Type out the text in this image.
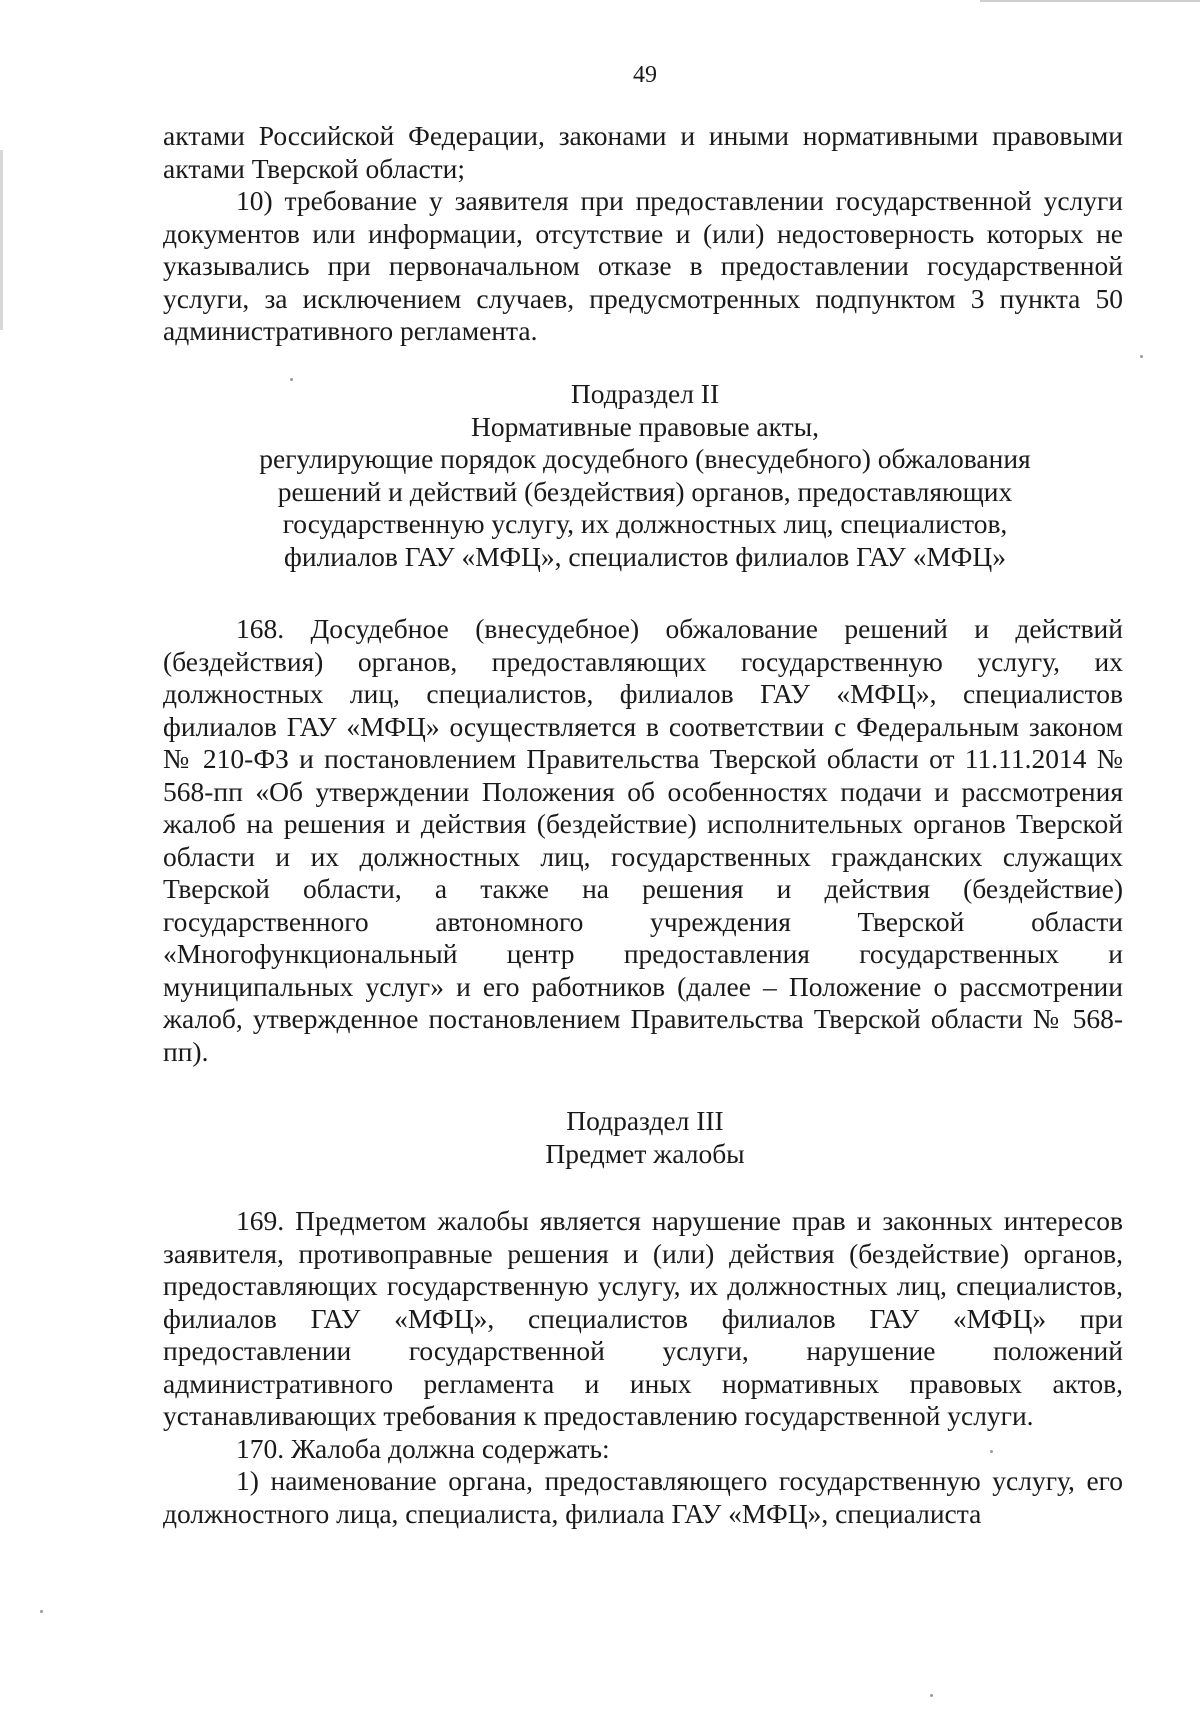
49

актами Российской Федерации, законами и иными нормативными правовыми актами Тверской области;

10) требование у заявителя при предоставлении государственной услуги документов или информации, отсутствие и (или) недостоверность которых не указывались при первоначальном отказе в предоставлении государственной услуги, за исключением случаев, предусмотренных подпунктом 3 пункта 50 административного регламента.

Подраздел II
Нормативные правовые акты,
регулирующие порядок досудебного (внесудебного) обжалования
решений и действий (бездействия) органов, предоставляющих
государственную услугу, их должностных лиц, специалистов,
филиалов ГАУ «МФЦ», специалистов филиалов ГАУ «МФЦ»

168. Досудебное (внесудебное) обжалование решений и действий (бездействия) органов, предоставляющих государственную услугу, их должностных лиц, специалистов, филиалов ГАУ «МФЦ», специалистов филиалов ГАУ «МФЦ» осуществляется в соответствии с Федеральным законом № 210-ФЗ и постановлением Правительства Тверской области от 11.11.2014 № 568-пп «Об утверждении Положения об особенностях подачи и рассмотрения жалоб на решения и действия (бездействие) исполнительных органов Тверской области и их должностных лиц, государственных гражданских служащих Тверской области, а также на решения и действия (бездействие) государственного автономного учреждения Тверской области «Многофункциональный центр предоставления государственных и муниципальных услуг» и его работников (далее – Положение о рассмотрении жалоб, утвержденное постановлением Правительства Тверской области № 568-пп).

Подраздел III
Предмет жалобы

169. Предметом жалобы является нарушение прав и законных интересов заявителя, противоправные решения и (или) действия (бездействие) органов, предоставляющих государственную услугу, их должностных лиц, специалистов, филиалов ГАУ «МФЦ», специалистов филиалов ГАУ «МФЦ» при предоставлении государственной услуги, нарушение положений административного регламента и иных нормативных правовых актов, устанавливающих требования к предоставлению государственной услуги.

170. Жалоба должна содержать:

1) наименование органа, предоставляющего государственную услугу, его должностного лица, специалиста, филиала ГАУ «МФЦ», специалиста
